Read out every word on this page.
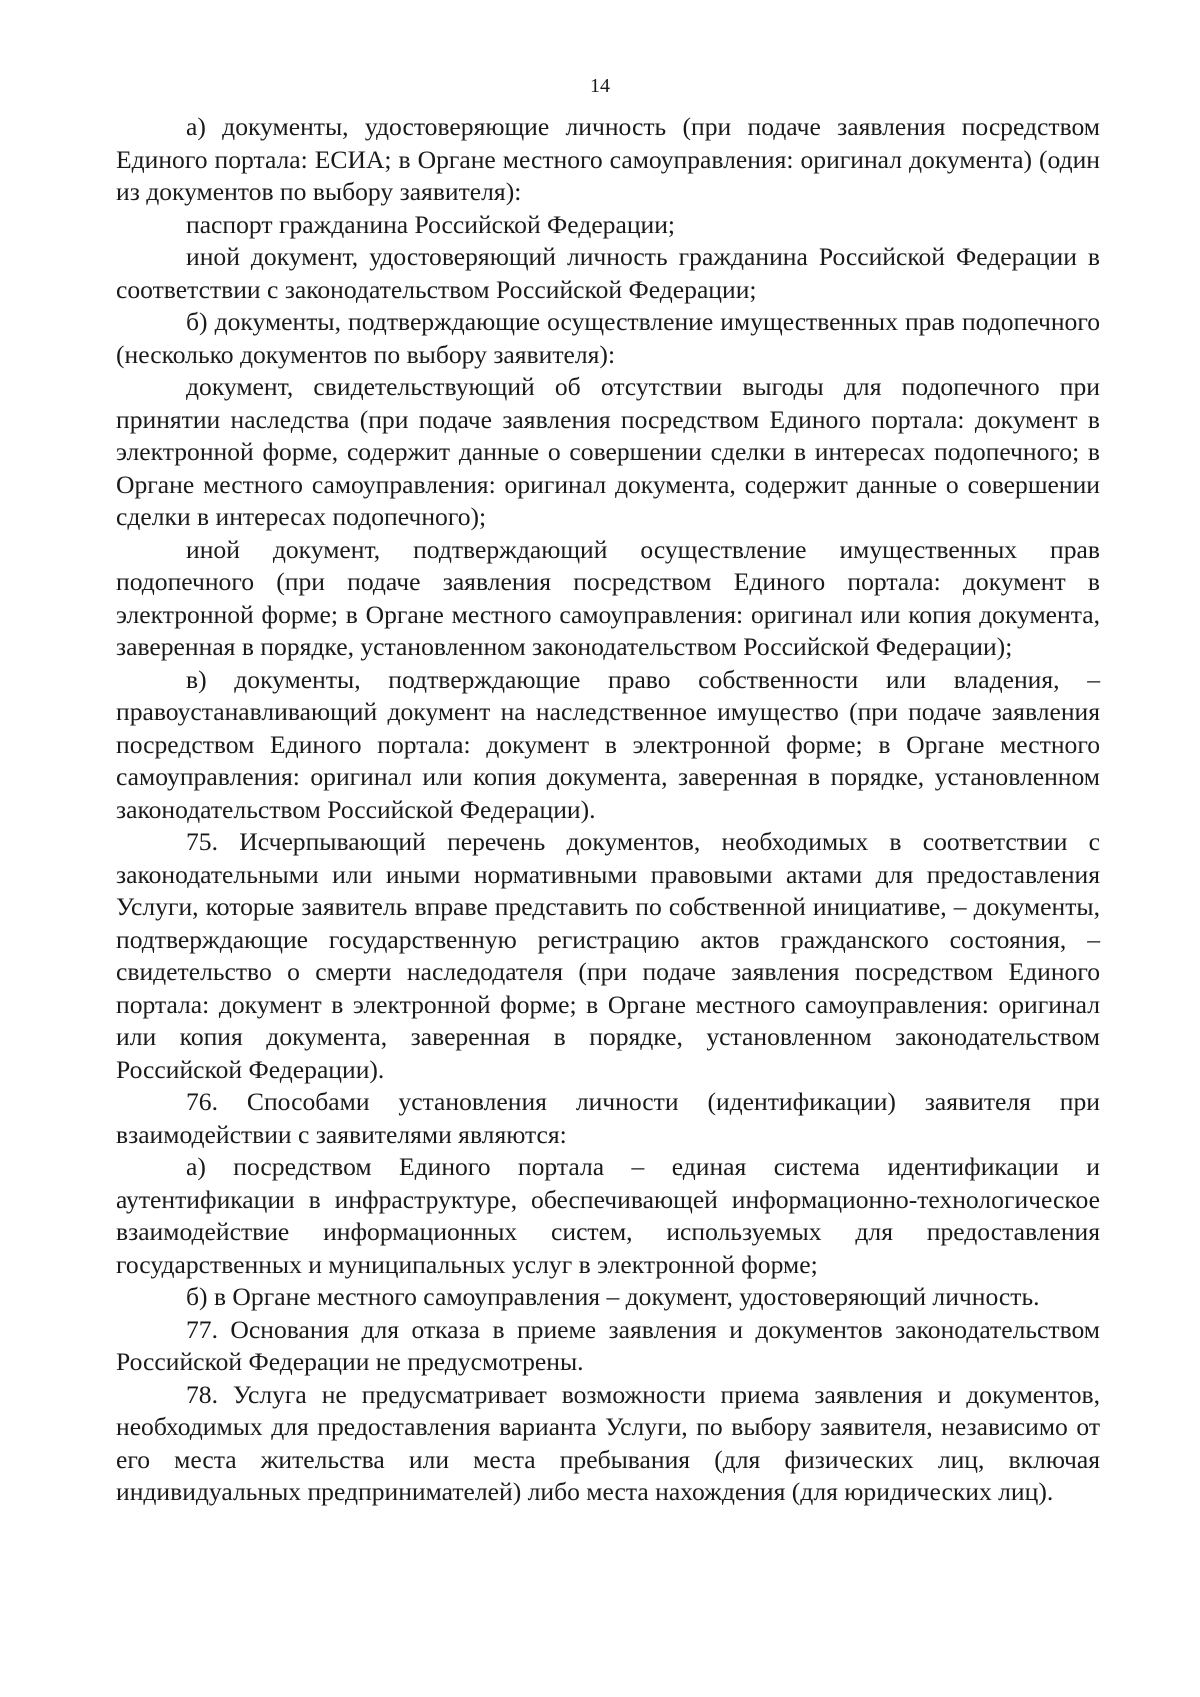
14

а) документы, удостоверяющие личность (при подаче заявления посредством Единого портала: ЕСИА; в Органе местного самоуправления: оригинал документа) (один из документов по выбору заявителя):

паспорт гражданина Российской Федерации;

иной документ, удостоверяющий личность гражданина Российской Федерации в соответствии с законодательством Российской Федерации;

б) документы, подтверждающие осуществление имущественных прав подопечного (несколько документов по выбору заявителя):

документ, свидетельствующий об отсутствии выгоды для подопечного при принятии наследства (при подаче заявления посредством Единого портала: документ в электронной форме, содержит данные о совершении сделки в интересах подопечного; в Органе местного самоуправления: оригинал документа, содержит данные о совершении сделки в интересах подопечного);

иной документ, подтверждающий осуществление имущественных прав подопечного (при подаче заявления посредством Единого портала: документ в электронной форме; в Органе местного самоуправления: оригинал или копия документа, заверенная в порядке, установленном законодательством Российской Федерации);

в) документы, подтверждающие право собственности или владения, – правоустанавливающий документ на наследственное имущество (при подаче заявления посредством Единого портала: документ в электронной форме; в Органе местного самоуправления: оригинал или копия документа, заверенная в порядке, установленном законодательством Российской Федерации).

75. Исчерпывающий перечень документов, необходимых в соответствии с законодательными или иными нормативными правовыми актами для предоставления Услуги, которые заявитель вправе представить по собственной инициативе, – документы, подтверждающие государственную регистрацию актов гражданского состояния, – свидетельство о смерти наследодателя (при подаче заявления посредством Единого портала: документ в электронной форме; в Органе местного самоуправления: оригинал или копия документа, заверенная в порядке, установленном законодательством Российской Федерации).

76. Способами установления личности (идентификации) заявителя при взаимодействии с заявителями являются:

а) посредством Единого портала – единая система идентификации и аутентификации в инфраструктуре, обеспечивающей информационно-технологическое взаимодействие информационных систем, используемых для предоставления государственных и муниципальных услуг в электронной форме;

б) в Органе местного самоуправления – документ, удостоверяющий личность.

77. Основания для отказа в приеме заявления и документов законодательством Российской Федерации не предусмотрены.

78. Услуга не предусматривает возможности приема заявления и документов, необходимых для предоставления варианта Услуги, по выбору заявителя, независимо от его места жительства или места пребывания (для физических лиц, включая индивидуальных предпринимателей) либо места нахождения (для юридических лиц).
